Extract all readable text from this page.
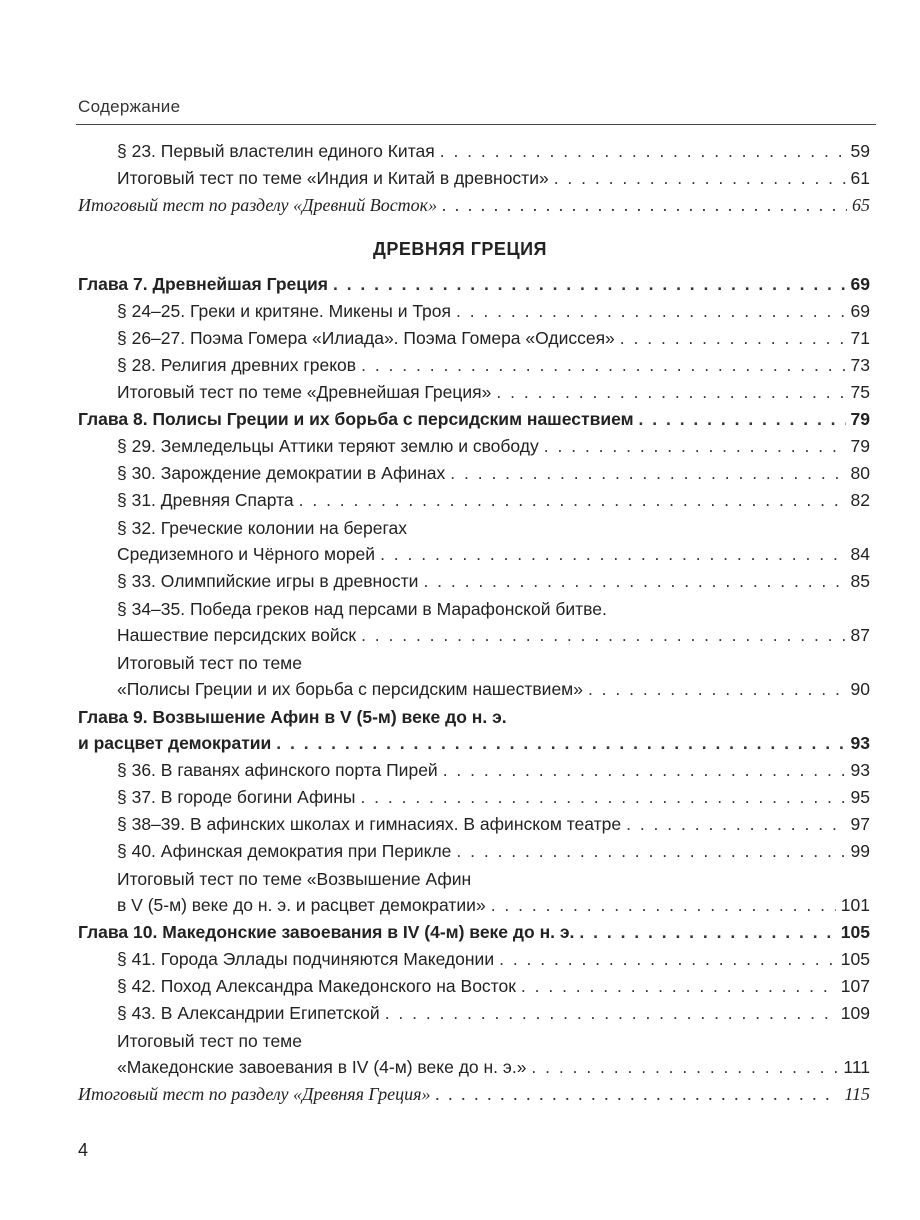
Содержание
§ 23. Первый властелин единого Китая . . .	59
Итоговый тест по теме «Индия и Китай в древности» . . .	61
Итоговый тест по разделу «Древний Восток» . . .	65
ДРЕВНЯЯ ГРЕЦИЯ
Глава 7. Древнейшая Греция . . .	69
§ 24–25. Греки и критяне. Микены и Троя . . .	69
§ 26–27. Поэма Гомера «Илиада». Поэма Гомера «Одиссея» . . .	71
§ 28. Религия древних греков . . .	73
Итоговый тест по теме «Древнейшая Греция» . . .	75
Глава 8. Полисы Греции и их борьба с персидским нашествием . . .	79
§ 29. Земледельцы Аттики теряют землю и свободу . . .	79
§ 30. Зарождение демократии в Афинах . . .	80
§ 31. Древняя Спарта . . .	82
§ 32. Греческие колонии на берегах
Средиземного и Чёрного морей . . .	84
§ 33. Олимпийские игры в древности . . .	85
§ 34–35. Победа греков над персами в Марафонской битве.
Нашествие персидских войск . . .	87
Итоговый тест по теме
«Полисы Греции и их борьба с персидским нашествием» . . .	90
Глава 9. Возвышение Афин в V (5-м) веке до н. э.
и расцвет демократии . . .	93
§ 36. В гаванях афинского порта Пирей . . .	93
§ 37. В городе богини Афины . . .	95
§ 38–39. В афинских школах и гимнасиях. В афинском театре . . .	97
§ 40. Афинская демократия при Перикле . . .	99
Итоговый тест по теме «Возвышение Афин
в V (5-м) веке до н. э. и расцвет демократии» . . .	101
Глава 10. Македонские завоевания в IV (4-м) веке до н. э. . . .	105
§ 41. Города Эллады подчиняются Македонии . . .	105
§ 42. Поход Александра Македонского на Восток . . .	107
§ 43. В Александрии Египетской . . .	109
Итоговый тест по теме
«Македонские завоевания в IV (4-м) веке до н. э.» . . .	111
Итоговый тест по разделу «Древняя Греция» . . .	115
4
